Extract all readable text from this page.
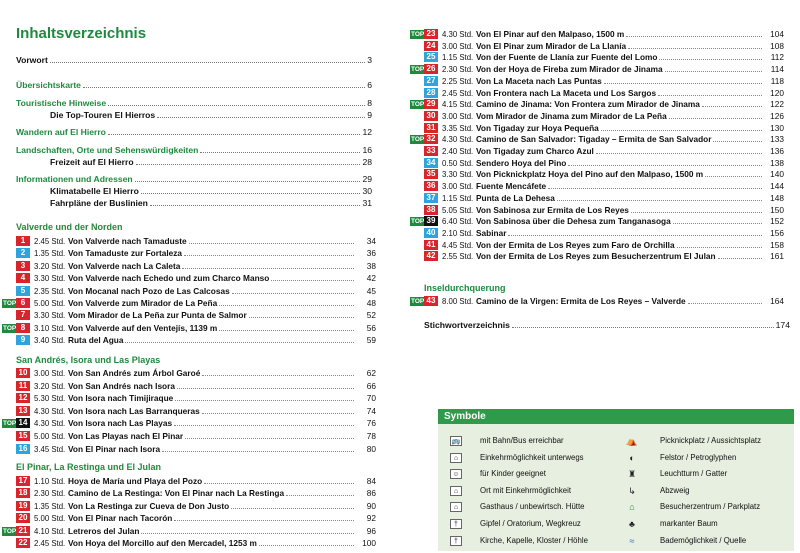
Inhaltsverzeichnis
Vorwort	3
Übersichtskarte	6
Touristische Hinweise	8
Die Top-Touren El Hierros	9
Wandern auf El Hierro	12
Landschaften, Orte und Sehenswürdigkeiten	16
Freizeit auf El Hierro	28
Informationen und Adressen	29
Klimatabelle El Hierro	30
Fahrpläne der Buslinien	31
Valverde und der Norden
San Andrés, Isora und Las Playas
El Pinar, La Restinga und El Julan
1	2.45 Std. Von Valverde nach Tamaduste	34
2	1.35 Std. Von Tamaduste zur Fortaleza	36
3	3.20 Std. Von Valverde nach La Caleta	38
4	3.30 Std. Von Valverde nach Echedo und zum Charco Manso	42
5	2.35 Std. Von Mocanal nach Pozo de Las Calcosas	45
TOP 6	5.00 Std. Von Valverde zum Mirador de La Peña	48
7	3.30 Std. Vom Mirador de La Peña zur Punta de Salmor	52
TOP 8	3.10 Std. Von Valverde auf den Ventejís, 1139 m	56
9	3.40 Std. Ruta del Agua	59
10 3.00 Std. Von San Andrés zum Árbol Garoé	62
11 3.20 Std. Von San Andrés nach Isora	66
12 5.30 Std. Von Isora nach Timijiraque	70
13 4.30 Std. Von Isora nach Las Barranqueras	74
TOP 14 4.30 Std. Von Isora nach Las Playas	76
15 5.00 Std. Von Las Playas nach El Pinar	78
16 3.45 Std. Von El Pinar nach Isora	80
17 1.10 Std. Hoya de María und Playa del Pozo	84
18 2.30 Std. Camino de La Restinga: Von El Pinar nach La Restinga	86
19 1.35 Std. Von La Restinga zur Cueva de Don Justo	90
20 5.00 Std. Von El Pinar nach Tacorón	92
TOP 21 4.10 Std. Letreros del Julan	96
22 2.45 Std. Von Hoya del Morcillo auf den Mercadel, 1253 m	100
TOP 23 4.30 Std. Von El Pinar auf den Malpaso, 1500 m	104
24 3.00 Std. Von El Pinar zum Mirador de La Llanía	108
25 1.15 Std. Von der Fuente de Llanía zur Fuente del Lomo	112
TOP 26 2.30 Std. Von der Hoya de Fireba zum Mirador de Jinama	114
27 2.25 Std. Von La Maceta nach Las Puntas	118
28 2.45 Std. Von Frontera nach La Maceta und Los Sargos	120
TOP 29 4.15 Std. Camino de Jinama: Von Frontera zum Mirador de Jinama	122
30 3.00 Std. Vom Mirador de Jinama zum Mirador de La Peña	126
31 3.35 Std. Von Tigaday zur Hoya Pequeña	130
TOP 32 4.30 Std. Camino de San Salvador: Tigaday – Ermita de San Salvador	133
33 2.40 Std. Von Tigaday zum Charco Azul	136
34 0.50 Std. Sendero Hoya del Pino	138
35 3.30 Std. Von Picknickplatz Hoya del Pino auf den Malpaso, 1500 m	140
36 3.00 Std. Fuente Mencáfete	144
37 1.15 Std. Punta de La Dehesa	148
38 5.05 Std. Von Sabinosa zur Ermita de Los Reyes	150
TOP 39 6.40 Std. Von Sabinosa über die Dehesa zum Tanganasoga	152
40 2.10 Std. Sabinar	156
41 4.45 Std. Von der Ermita de Los Reyes zum Faro de Orchilla	158
42 2.55 Std. Von der Ermita de Los Reyes zum Besucherzentrum El Julan	161
Inseldurchquerung
TOP 43 8.00 Std. Camino de la Virgen: Ermita de Los Reyes – Valverde	164
Stichwortverzeichnis	174
Symbole
🚌	mit Bahn/Bus erreichbar
⌂	Einkehrmöglichkeit unterwegs
☺	für Kinder geeignet
⌂	Ort mit Einkehrmöglichkeit
⌂	Gasthaus / unbewirtsch. Hütte
†	Gipfel / Oratorium, Wegkreuz
†	Kirche, Kapelle, Kloster / Höhle
⛺	Picknickplatz / Aussichtsplatz
◐	Felstor / Petroglyphen
♜	Leuchtturm / Gatter
↳	Abzweig
⌂	Besucherzentrum / Parkplatz
♣	markanter Baum
≈	Bademöglichkeit / Quelle
